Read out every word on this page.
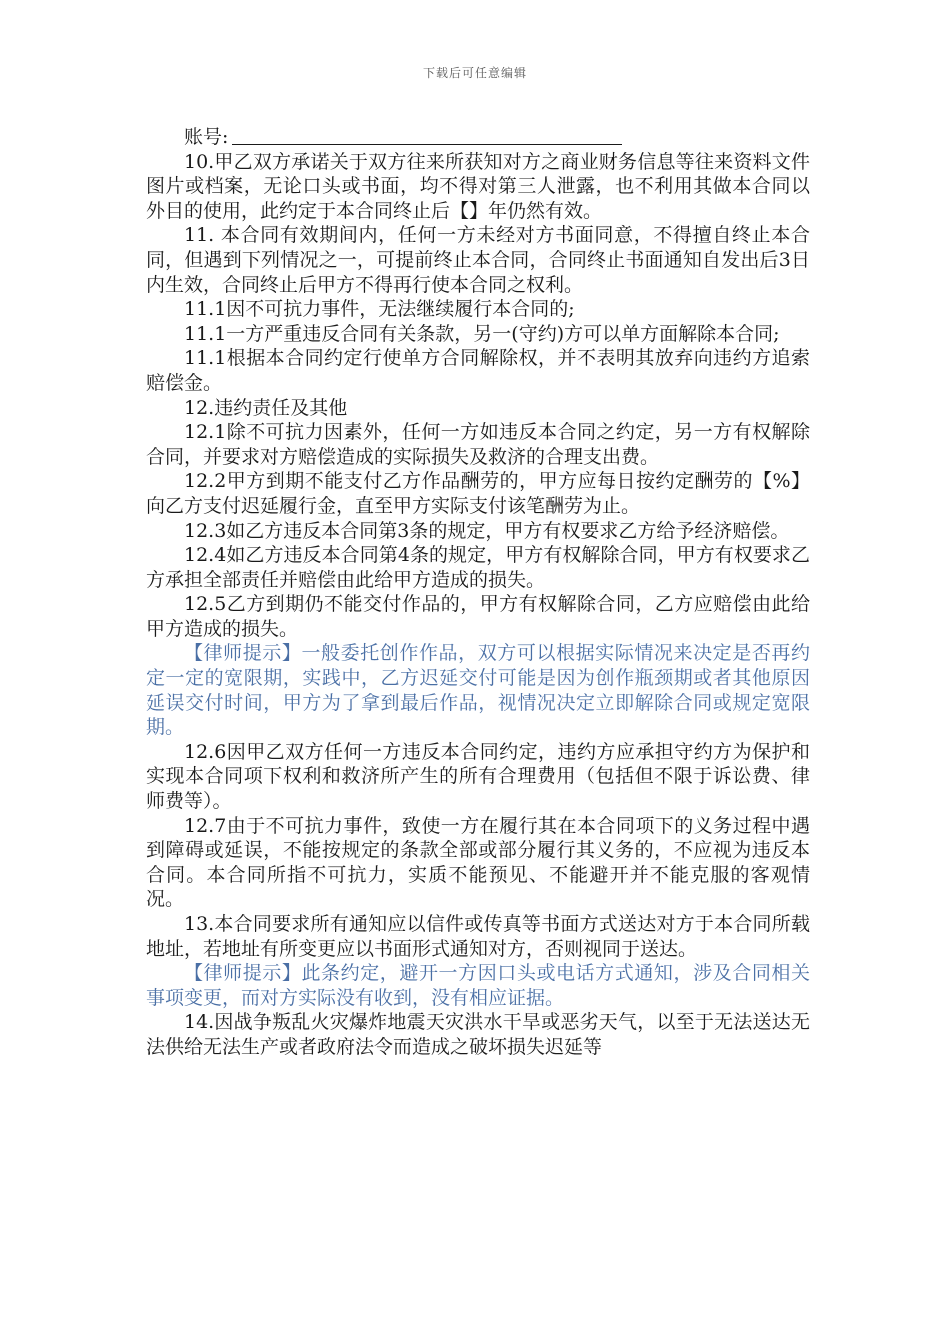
下载后可任意编辑

账号:

10.甲乙双方承诺关于双方往来所获知对方之商业财务信息等往来资料文件图片或档案，无论口头或书面，均不得对第三人泄露，也不利用其做本合同以外目的使用，此约定于本合同终止后【】年仍然有效。

11. 本合同有效期间内，任何一方未经对方书面同意，不得擅自终止本合同，但遇到下列情况之一，可提前终止本合同，合同终止书面通知自发出后3日内生效，合同终止后甲方不得再行使本合同之权利。

11.1因不可抗力事件，无法继续履行本合同的;

11.1一方严重违反合同有关条款，另一(守约)方可以单方面解除本合同;

11.1根据本合同约定行使单方合同解除权，并不表明其放弃向违约方追索赔偿金。

12.违约责任及其他

12.1除不可抗力因素外，任何一方如违反本合同之约定，另一方有权解除合同，并要求对方赔偿造成的实际损失及救济的合理支出费。

12.2甲方到期不能支付乙方作品酬劳的，甲方应每日按约定酬劳的【%】向乙方支付迟延履行金，直至甲方实际支付该笔酬劳为止。

12.3如乙方违反本合同第3条的规定，甲方有权要求乙方给予经济赔偿。

12.4如乙方违反本合同第4条的规定，甲方有权解除合同，甲方有权要求乙方承担全部责任并赔偿由此给甲方造成的损失。

12.5乙方到期仍不能交付作品的，甲方有权解除合同，乙方应赔偿由此给甲方造成的损失。

【律师提示】一般委托创作作品，双方可以根据实际情况来决定是否再约定一定的宽限期，实践中，乙方迟延交付可能是因为创作瓶颈期或者其他原因延误交付时间，甲方为了拿到最后作品，视情况决定立即解除合同或规定宽限期。

12.6因甲乙双方任何一方违反本合同约定，违约方应承担守约方为保护和实现本合同项下权利和救济所产生的所有合理费用（包括但不限于诉讼费、律师费等）。

12.7由于不可抗力事件，致使一方在履行其在本合同项下的义务过程中遇到障碍或延误，不能按规定的条款全部或部分履行其义务的，不应视为违反本合同。本合同所指不可抗力，实质不能预见、不能避开并不能克服的客观情况。

13.本合同要求所有通知应以信件或传真等书面方式送达对方于本合同所载地址，若地址有所变更应以书面形式通知对方，否则视同于送达。

【律师提示】此条约定，避开一方因口头或电话方式通知，涉及合同相关事项变更，而对方实际没有收到，没有相应证据。

14.因战争叛乱火灾爆炸地震天灾洪水干旱或恶劣天气，以至于无法送达无法供给无法生产或者政府法令而造成之破坏损失迟延等
